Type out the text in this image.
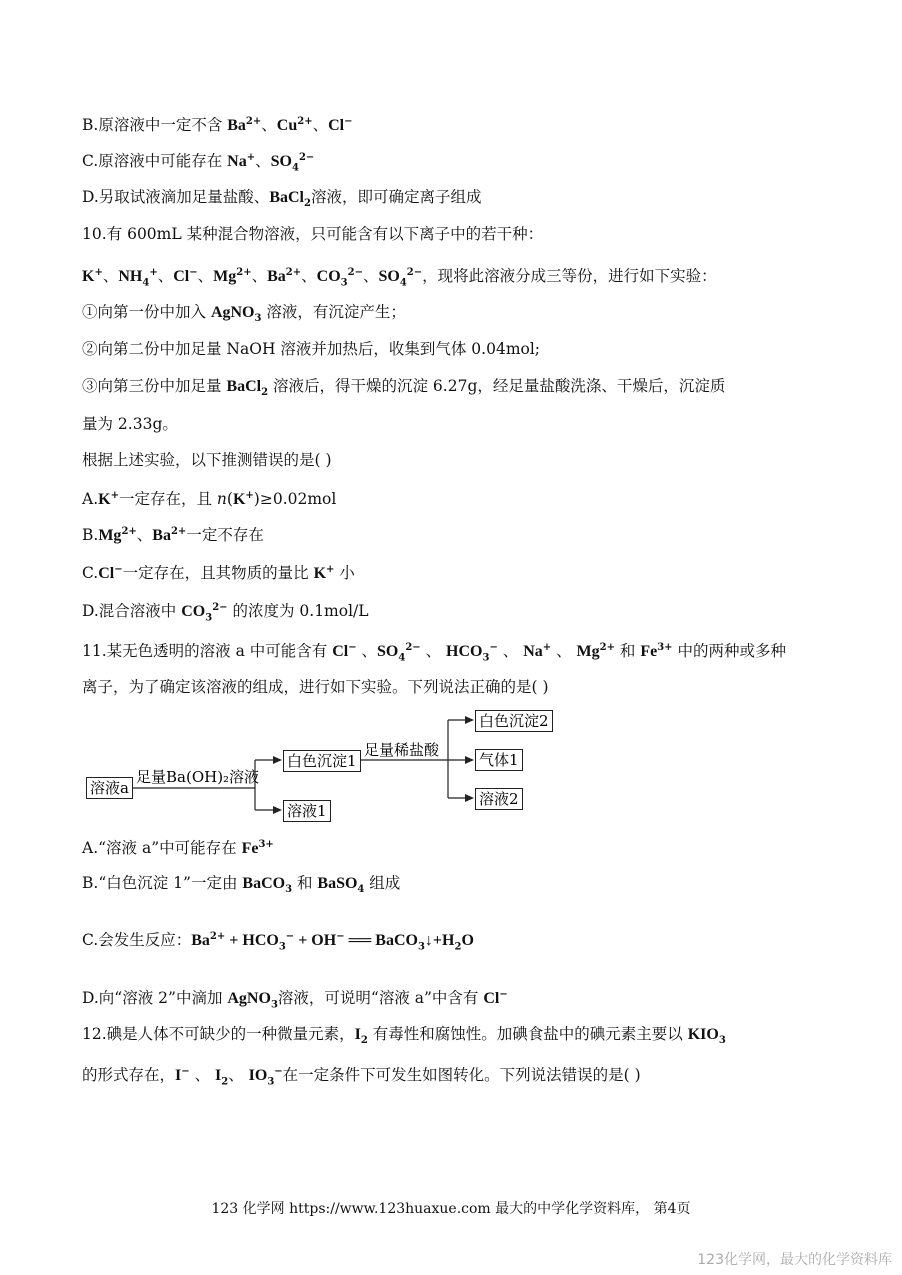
B.原溶液中一定不含 $Ba^{2+}$、$Cu^{2+}$、Cl−
C.原溶液中可能存在 Na+、$SO_4^{2-}$
D.另取试液滴加足量盐酸、BaCl$_2$溶液，即可确定离子组成
10.有 600mL 某种混合物溶液，只可能含有以下离子中的若干种：
K+、$NH_4^+$、Cl−、$Mg^{2+}$、$Ba^{2+}$、$CO_3^{2-}$、$SO_4^{2-}$，现将此溶液分成三等份，进行如下实验：
①向第一份中加入 AgNO$_3$ 溶液，有沉淀产生；
②向第二份中加足量 NaOH 溶液并加热后，收集到气体 0.04mol;
③向第三份中加足量 BaCl$_2$ 溶液后，得干燥的沉淀 6.27g，经足量盐酸洗涤、干燥后，沉淀质
量为 2.33g。
根据上述实验，以下推测错误的是( )
A.K+一定存在，且 n(K+)≥0.02mol
$B.Mg^{2+}$、$Ba^{2+}$一定不存在
C.Cl−一定存在，且其物质的量比 K+ 小
D.混合溶液中 $CO_3^{2-}$ 的浓度为 0.1mol/L
11.某无色透明的溶液 a 中可能含有 Cl− 、$SO_4^{2-}$ 、 $HCO_3^-$ 、 Na+ 、 $Mg^{2+}$ 和 $Fe^{3+}$ 中的两种或多种
离子，为了确定该溶液的组成，进行如下实验。下列说法正确的是( )
溶液a
足量Ba(OH)₂溶液
白色沉淀1
溶液1
足量稀盐酸
白色沉淀2
气体1
溶液2
A.“溶液 a”中可能存在 $Fe^{3+}$
B.“白色沉淀 1”一定由 BaCO$_3$ 和 BaSO$_4$ 组成
C.会发生反应：$Ba^{2+} + HCO_3^- + OH^-$ ══ $BaCO_3↓+H_2O$
D.向“溶液 2”中滴加 AgNO$_3$溶液，可说明“溶液 a”中含有 Cl−
12.碘是人体不可缺少的一种微量元素，$I_2$ 有毒性和腐蚀性。加碘食盐中的碘元素主要以 $KIO_3$
的形式存在，I− 、 $I_2$、 $IO_3^-$在一定条件下可发生如图转化。下列说法错误的是( )
123 化学网 https://www.123huaxue.com 最大的中学化学资料库， 第4页
123化学网，最大的化学资料库
